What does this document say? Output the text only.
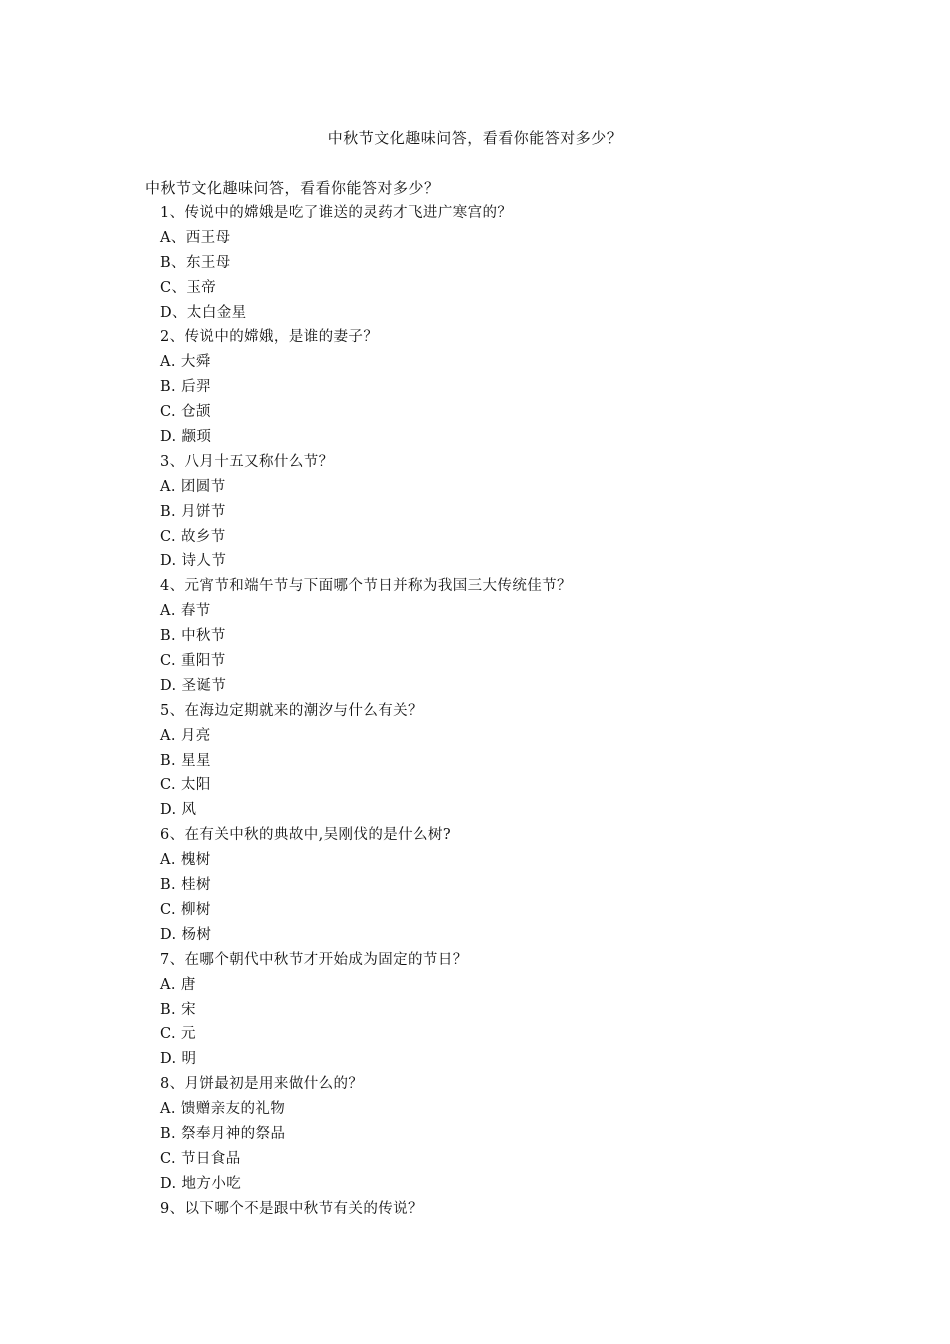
中秋节文化趣味问答，看看你能答对多少？
中秋节文化趣味问答，看看你能答对多少？
1、传说中的嫦娥是吃了谁送的灵药才飞进广寒宫的？
A、西王母
B、东王母
C、玉帝
D、太白金星
2、传说中的嫦娥，是谁的妻子？
A. 大舜
B. 后羿
C. 仓颉
D. 颛顼
3、八月十五又称什么节？
A. 团圆节
B. 月饼节
C. 故乡节
D. 诗人节
4、元宵节和端午节与下面哪个节日并称为我国三大传统佳节？
A. 春节
B. 中秋节
C. 重阳节
D. 圣诞节
5、在海边定期就来的潮汐与什么有关？
A. 月亮
B. 星星
C. 太阳
D. 风
6、在有关中秋的典故中,吴刚伐的是什么树?
A. 槐树
B. 桂树
C. 柳树
D. 杨树
7、在哪个朝代中秋节才开始成为固定的节日？
A. 唐
B. 宋
C. 元
D. 明
8、月饼最初是用来做什么的？
A. 馈赠亲友的礼物
B. 祭奉月神的祭品
C. 节日食品
D. 地方小吃
9、以下哪个不是跟中秋节有关的传说？
